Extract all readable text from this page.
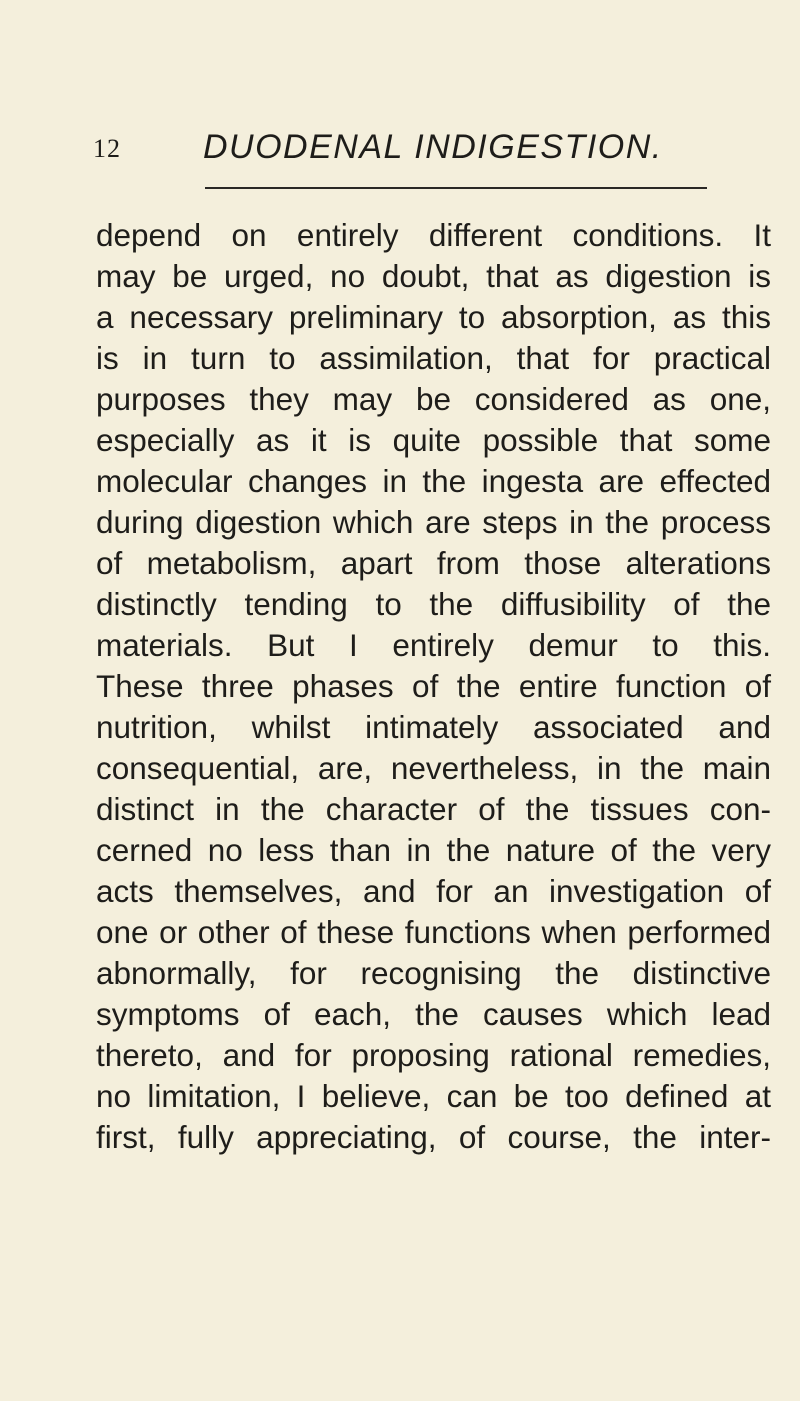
12 DUODENAL INDIGESTION.
depend on entirely different conditions. It
may be urged, no doubt, that as digestion is
a necessary preliminary to absorption, as this
is in turn to assimilation, that for practical
purposes they may be considered as one,
especially as it is quite possible that some
molecular changes in the ingesta are effected
during digestion which are steps in the process
of metabolism, apart from those alterations
distinctly tending to the diffusibility of the
materials. But I entirely demur to this.
These three phases of the entire function of
nutrition, whilst intimately associated and
consequential, are, nevertheless, in the main
distinct in the character of the tissues con-
cerned no less than in the nature of the very
acts themselves, and for an investigation of
one or other of these functions when performed
abnormally, for recognising the distinctive
symptoms of each, the causes which lead
thereto, and for proposing rational remedies,
no limitation, I believe, can be too defined at
first, fully appreciating, of course, the inter-
